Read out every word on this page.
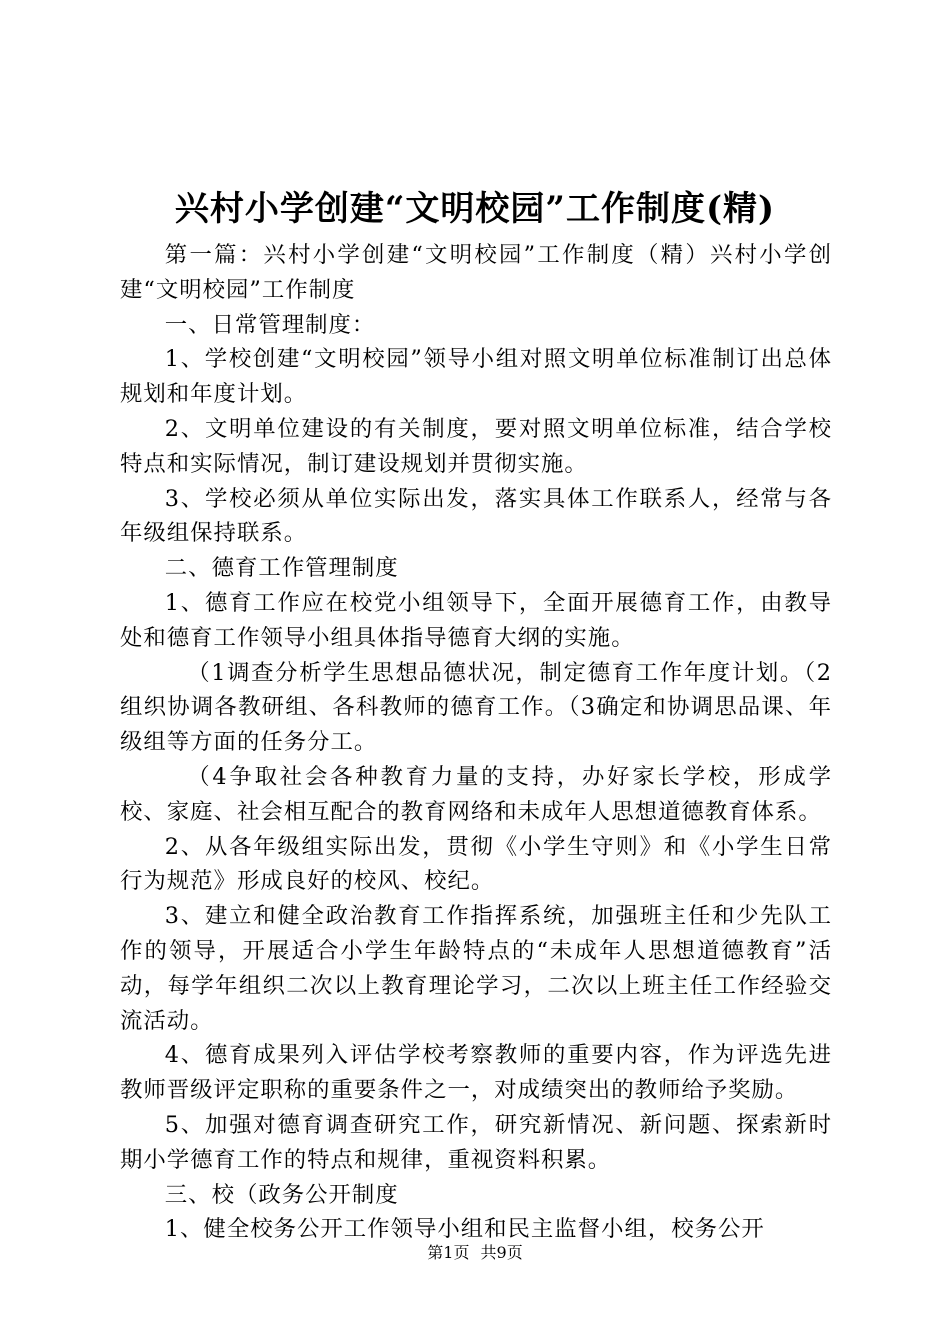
兴村小学创建“文明校园”工作制度(精)

第一篇：兴村小学创建“文明校园”工作制度（精）兴村小学创建“文明校园”工作制度

一、日常管理制度：

1、学校创建“文明校园”领导小组对照文明单位标准制订出总体规划和年度计划。

2、文明单位建设的有关制度，要对照文明单位标准，结合学校特点和实际情况，制订建设规划并贯彻实施。

3、学校必须从单位实际出发，落实具体工作联系人，经常与各年级组保持联系。

二、德育工作管理制度

1、德育工作应在校党小组领导下，全面开展德育工作，由教导处和德育工作领导小组具体指导德育大纲的实施。

（1调查分析学生思想品德状况，制定德育工作年度计划。（2组织协调各教研组、各科教师的德育工作。（3确定和协调思品课、年级组等方面的任务分工。

（4争取社会各种教育力量的支持，办好家长学校，形成学校、家庭、社会相互配合的教育网络和未成年人思想道德教育体系。

2、从各年级组实际出发，贯彻《小学生守则》和《小学生日常行为规范》形成良好的校风、校纪。

3、建立和健全政治教育工作指挥系统，加强班主任和少先队工作的领导，开展适合小学生年龄特点的“未成年人思想道德教育”活动，每学年组织二次以上教育理论学习，二次以上班主任工作经验交流活动。

4、德育成果列入评估学校考察教师的重要内容，作为评选先进教师晋级评定职称的重要条件之一，对成绩突出的教师给予奖励。

5、加强对德育调查研究工作，研究新情况、新问题、探索新时期小学德育工作的特点和规律，重视资料积累。

三、校（政务公开制度

1、健全校务公开工作领导小组和民主监督小组，校务公开

第1页 共9页
